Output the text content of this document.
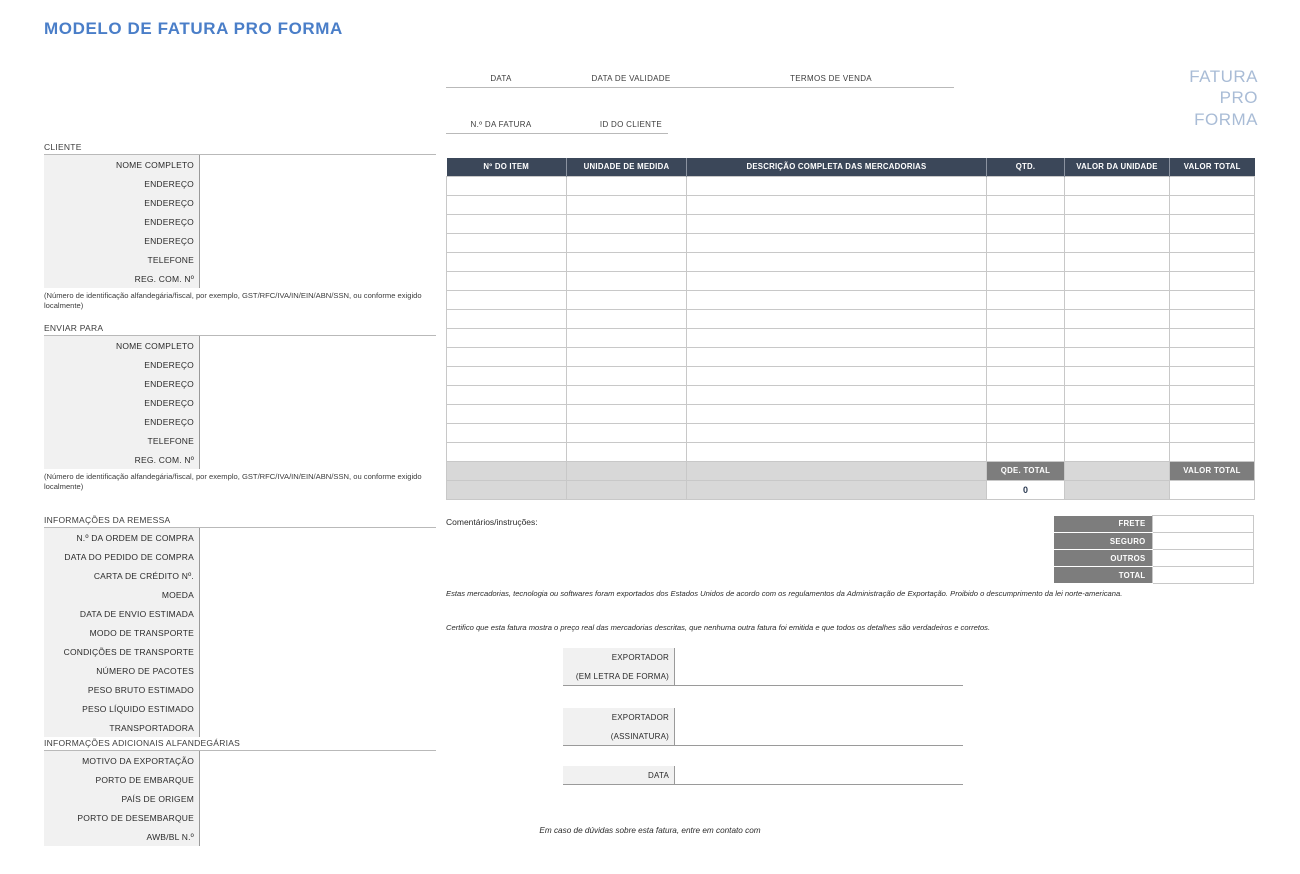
MODELO DE FATURA PRO FORMA
FATURA
PRO
FORMA
DATA	DATA DE VALIDADE	TERMOS DE VENDA
N.º DA FATURA	ID DO CLIENTE
CLIENTE
NOME COMPLETO
ENDEREÇO
ENDEREÇO
ENDEREÇO
ENDEREÇO
TELEFONE
REG. COM. Nº
(Número de identificação alfandegária/fiscal, por exemplo, GST/RFC/IVA/IN/EIN/ABN/SSN, ou conforme exigido localmente)
ENVIAR PARA
NOME COMPLETO
ENDEREÇO
ENDEREÇO
ENDEREÇO
ENDEREÇO
TELEFONE
REG. COM. Nº
(Número de identificação alfandegária/fiscal, por exemplo, GST/RFC/IVA/IN/EIN/ABN/SSN, ou conforme exigido localmente)
INFORMAÇÕES DA REMESSA
N.º DA ORDEM DE COMPRA
DATA DO PEDIDO DE COMPRA
CARTA DE CRÉDITO Nº.
MOEDA
DATA DE ENVIO ESTIMADA
MODO DE TRANSPORTE
CONDIÇÕES DE TRANSPORTE
NÚMERO DE PACOTES
PESO BRUTO ESTIMADO
PESO LÍQUIDO ESTIMADO
TRANSPORTADORA
INFORMAÇÕES ADICIONAIS ALFANDEGÁRIAS
MOTIVO DA EXPORTAÇÃO
PORTO DE EMBARQUE
PAÍS DE ORIGEM
PORTO DE DESEMBARQUE
AWB/BL N.º
Nº DO ITEM	UNIDADE DE MEDIDA	DESCRIÇÃO COMPLETA DAS MERCADORIAS	QTD.	VALOR DA UNIDADE	VALOR TOTAL

			QDE. TOTAL		VALOR TOTAL
			0		
FRETE	
SEGURO	
OUTROS	
TOTAL	
Comentários/instruções:
Estas mercadorias, tecnologia ou softwares foram exportados dos Estados Unidos de acordo com os regulamentos da Administração de Exportação. Proibido o descumprimento da lei norte-americana.
Certifico que esta fatura mostra o preço real das mercadorias descritas, que nenhuma outra fatura foi emitida e que todos os detalhes são verdadeiros e corretos.
EXPORTADOR
(EM LETRA DE FORMA)
EXPORTADOR
(ASSINATURA)
DATA
Em caso de dúvidas sobre esta fatura, entre em contato com
